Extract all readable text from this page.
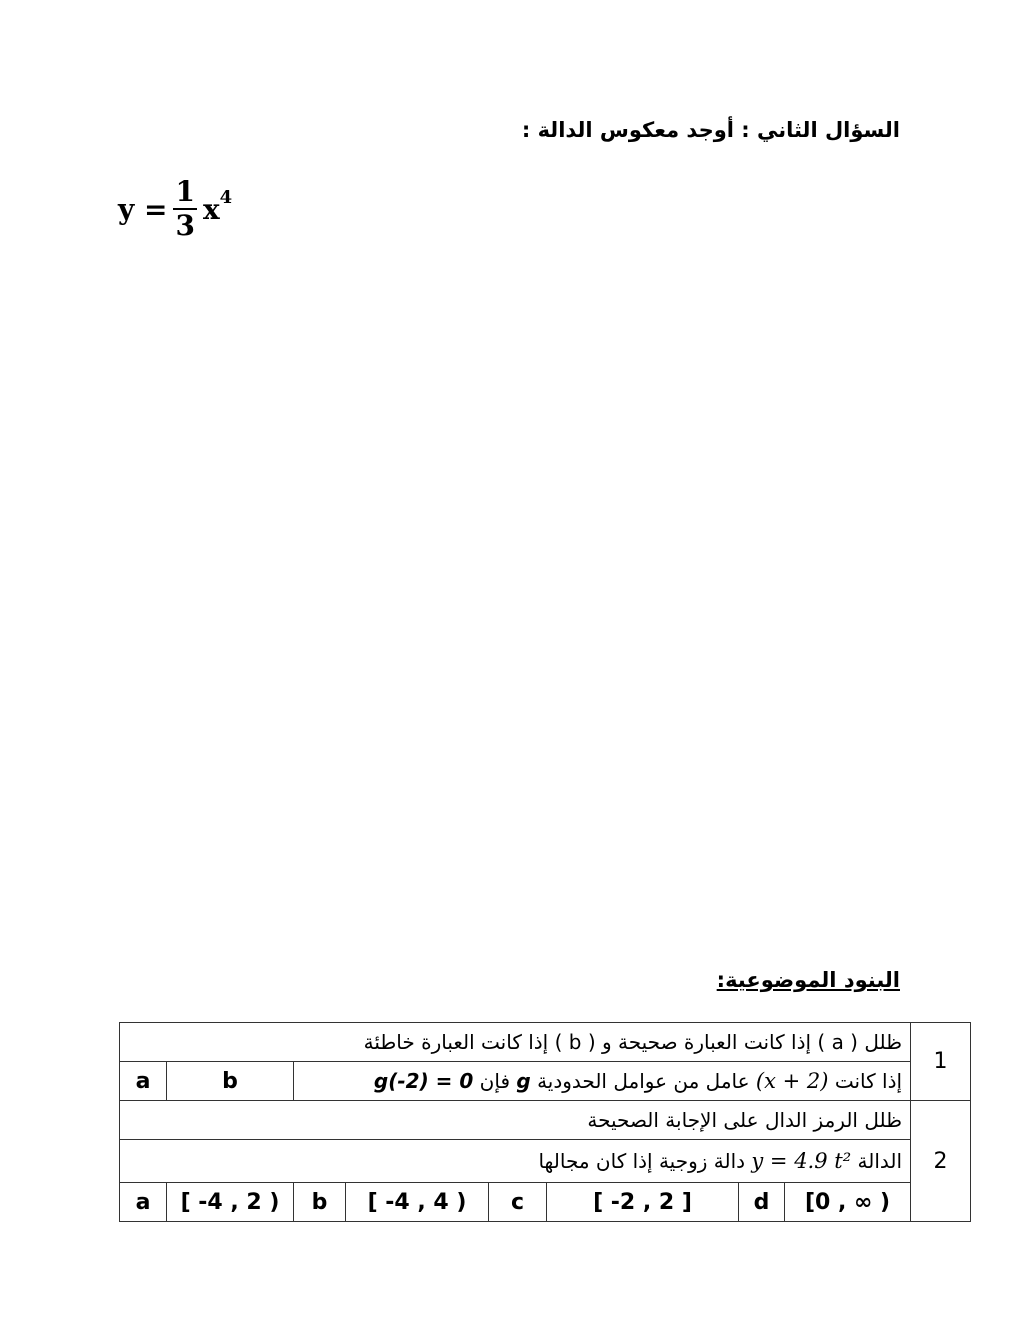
السؤال الثاني : أوجد معكوس الدالة :
$y = \frac{1}{3} x^4$
البنود الموضوعية:
ظلل ( a ) إذا كانت العبارة صحيحة و ( b ) إذا كانت العبارة خاطئة								1
a	b	إذا كانت (x + 2) عامل من عوامل الحدودية g فإن g(-2) = 0						
ظلل الرمز الدال على الإجابة الصحيحة								2
الدالة y = 4.9 t² دالة زوجية إذا كان مجالها								
a	[ -4 , 2 )	b	[ -4 , 4 )	c	[ -2 , 2 ]	d	[0 , ∞ )	
